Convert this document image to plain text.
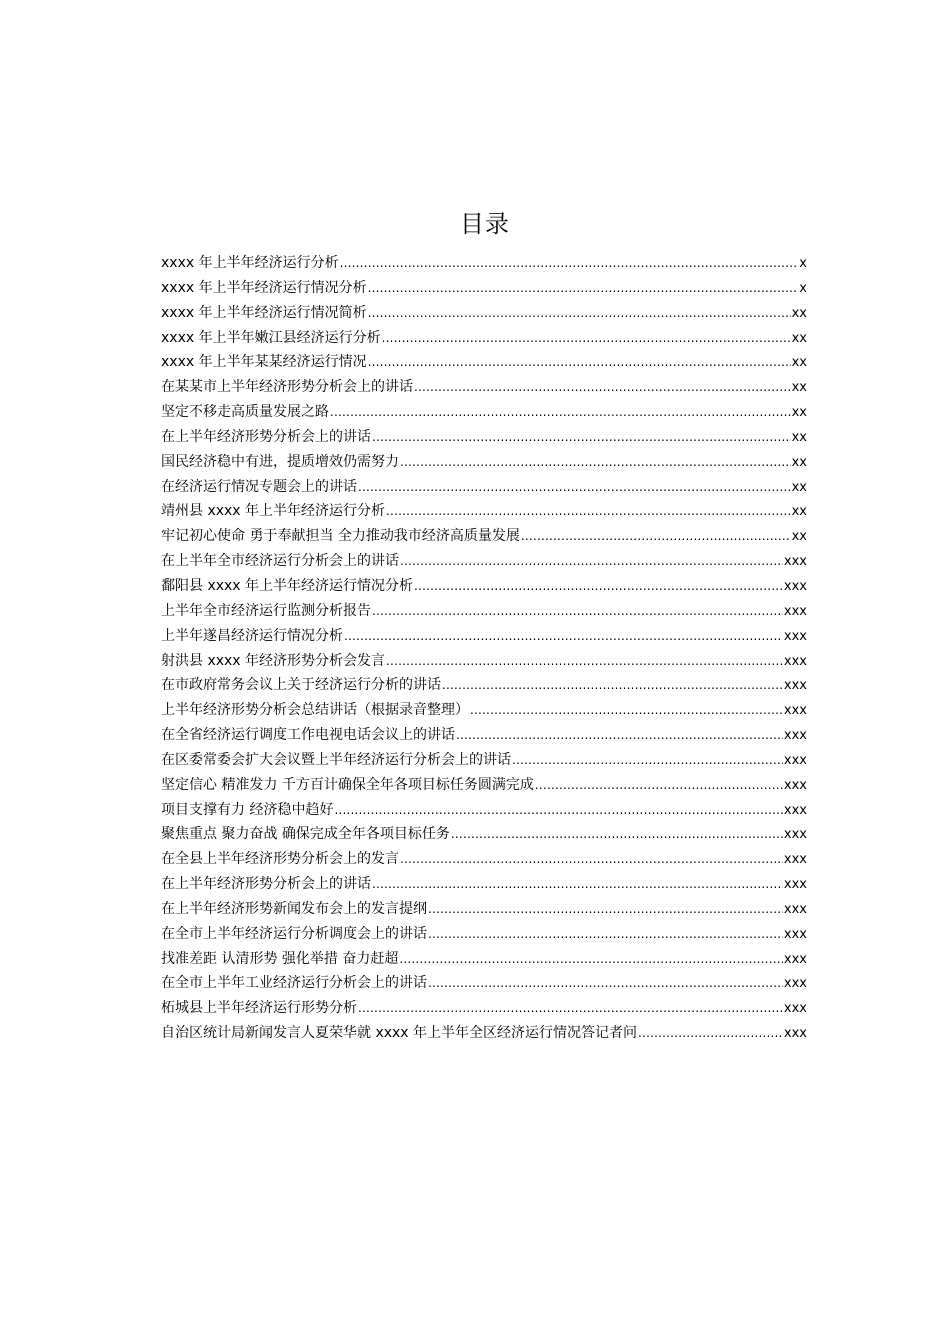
目录
xxxx 年上半年经济运行分析 .....	x
xxxx 年上半年经济运行情况分析 .....	x
xxxx 年上半年经济运行情况简析 .....	xx
xxxx 年上半年嫩江县经济运行分析 .....	xx
xxxx 年上半年某某经济运行情况 .....	xx
在某某市上半年经济形势分析会上的讲话 .....	xx
坚定不移走高质量发展之路 .....	xx
在上半年经济形势分析会上的讲话 .....	xx
国民经济稳中有进，提质增效仍需努力 .....	xx
在经济运行情况专题会上的讲话 .....	xx
靖州县 xxxx 年上半年经济运行分析 .....	xx
牢记初心使命 勇于奉献担当 全力推动我市经济高质量发展 .....	xx
在上半年全市经济运行分析会上的讲话 .....	xxx
鄱阳县 xxxx 年上半年经济运行情况分析 .....	xxx
上半年全市经济运行监测分析报告 .....	xxx
上半年遂昌经济运行情况分析 .....	xxx
射洪县 xxxx 年经济形势分析会发言 .....	xxx
在市政府常务会议上关于经济运行分析的讲话 .....	xxx
上半年经济形势分析会总结讲话（根据录音整理） .....	xxx
在全省经济运行调度工作电视电话会议上的讲话 .....	xxx
在区委常委会扩大会议暨上半年经济运行分析会上的讲话 .....	xxx
坚定信心 精准发力 千方百计确保全年各项目标任务圆满完成 .....	xxx
项目支撑有力 经济稳中趋好 .....	xxx
聚焦重点 聚力奋战 确保完成全年各项目标任务 .....	xxx
在全县上半年经济形势分析会上的发言 .....	xxx
在上半年经济形势分析会上的讲话 .....	xxx
在上半年经济形势新闻发布会上的发言提纲 .....	xxx
在全市上半年经济运行分析调度会上的讲话 .....	xxx
找准差距 认清形势 强化举措 奋力赶超 .....	xxx
在全市上半年工业经济运行分析会上的讲话 .....	xxx
柘城县上半年经济运行形势分析 .....	xxx
自治区统计局新闻发言人夏荣华就 xxxx 年上半年全区经济运行情况答记者问 .....	xxx
